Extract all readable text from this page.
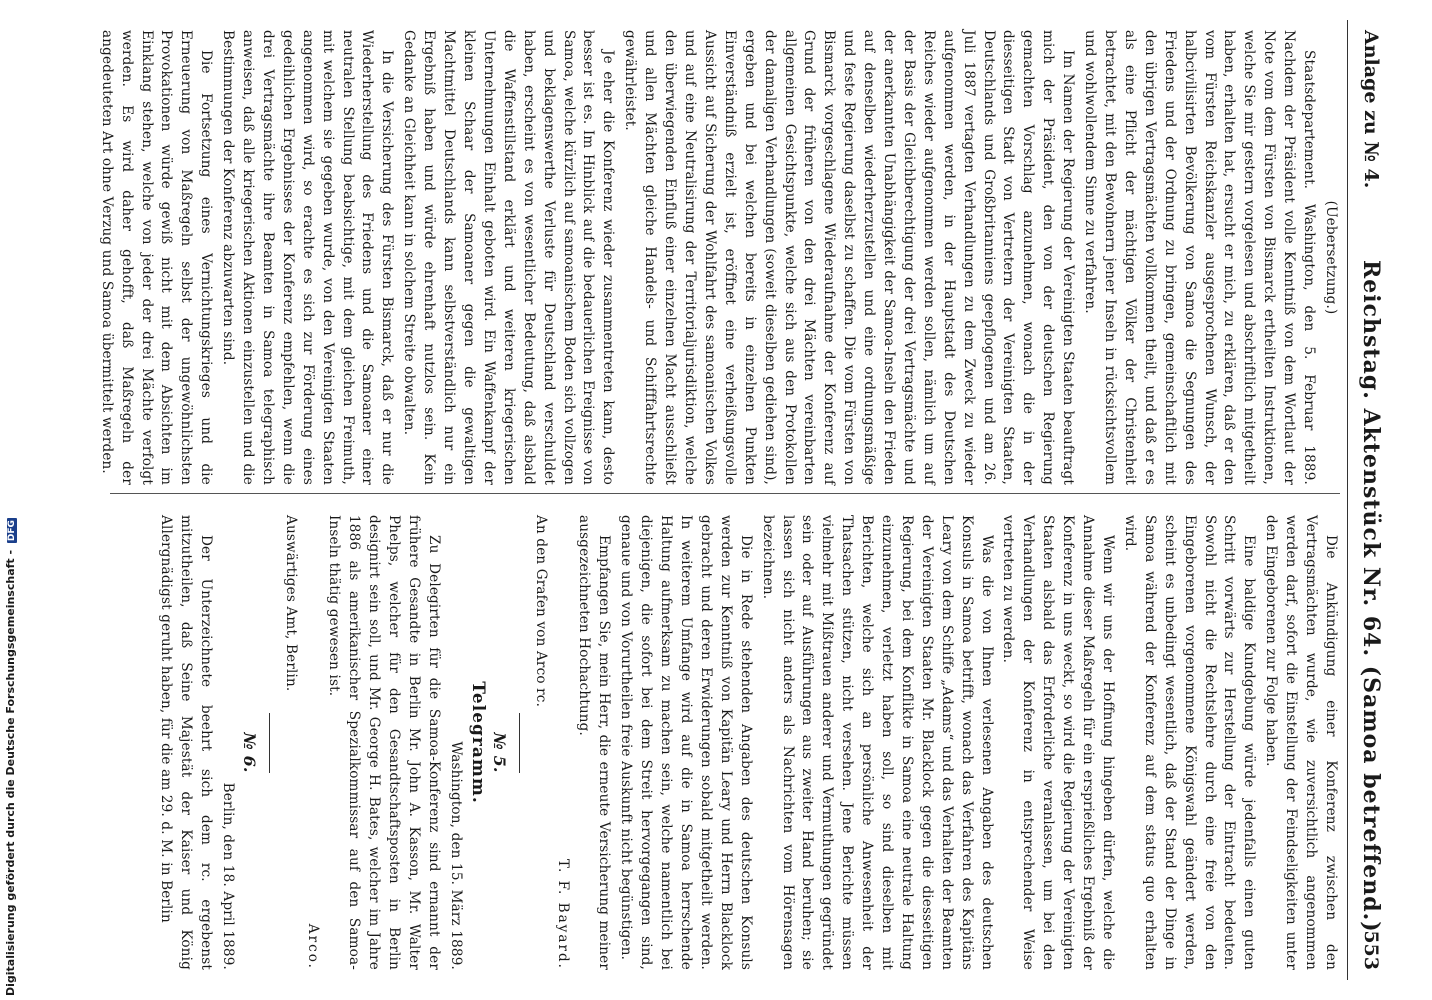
Anlage zu № 4.
Reichstag. Aktenstück Nr. 64. (Samoa betreffend.)
553

(Uebersetzung.)

Staatsdepartement. Washington, den 5. Februar 1889. Nachdem der Präsident volle Kenntniß von dem Wortlaut der Note vom dem Fürsten von Bismarck ertheilten Instruktionen, welche Sie mir gestern vorgelesen und abschriftlich mitgetheilt haben, erhalten hat, ersucht er mich, zu erklären, daß er den vom Fürsten Reichskanzler ausgesprochenen Wunsch, der halbcivilisirten Bevölkerung von Samoa die Segnungen des Friedens und der Ordnung zu bringen, gemeinschaftlich mit den übrigen Vertragsmächten vollkommen theilt, und daß er es als eine Pflicht der mächtigen Völker der Christenheit betrachtet, mit den Bewohnern jener Inseln in rücksichtsvollem und wohlwollendem Sinne zu verfahren.

Im Namen der Regierung der Vereinigten Staaten beauftragt mich der Präsident, den von der deutschen Regierung gemachten Vorschlag anzunehmen, wonach die in der diesseitigen Stadt von Vertretern der Vereinigten Staaten, Deutschlands und Großbritanniens geepflogenen und am 26. Juli 1887 vertagten Verhandlungen zu dem Zweck zu wieder aufgenommen werden, in der Hauptstadt des Deutschen Reiches wieder aufgenommen werden sollen, nämlich um auf der Basis der Gleichberechtigung der drei Vertragsmächte und der anerkannten Unabhängigkeit der Samoa-Inseln den Frieden auf denselben wiederherzustellen und eine ordnungsmäßige und feste Regierung daselbst zu schaffen. Die vom Fürsten von Bismarck vorgeschlagene Wiederaufnahme der Konferenz auf Grund der früheren von den drei Mächten vereinbarten allgemeinen Gesichtspunkte, welche sich aus den Protokollen der damaligen Verhandlungen (soweit dieselben gediehen sind), ergeben und bei welchen bereits in einzelnen Punkten Einverständniß erzielt ist, eröffnet eine verheißungsvolle Aussicht auf Sicherung der Wohlfahrt des samoanischen Volkes und auf eine Neutralisirung der Territorialjurisdiktion, welche den überwiegenden Einfluß einer einzelnen Macht ausschließt und allen Mächten gleiche Handels- und Schifffahrtsrechte gewährleistet.

Je eher die Konferenz wieder zusammentreten kann, desto besser ist es. Im Hinblick auf die bedauerlichen Ereignisse von Samoa, welche kürzlich auf samoanischem Boden sich vollzogen und beklagenswerthe Verluste für Deutschland verschuldet haben, erscheint es von wesentlicher Bedeutung, daß alsbald die Waffenstillstand erklärt und weiteren kriegerischen Unternehmungen Einhalt geboten wird. Ein Waffenkampf der kleinen Schaar der Samoaner gegen die gewaltigen Machtmittel Deutschlands kann selbstverständlich nur ein Ergebniß haben und würde ehrenhaft nutzlos sein. Kein Gedanke an Gleichheit kann in solchem Streite obwalten.

In die Versicherung des Fürsten Bismarck, daß er nur die Wiederherstellung des Friedens und die Samoaner einer neutralen Stellung beabsichtige, mit dem gleichen Freimuth, mit welchem sie gegeben wurde, von den Vereinigten Staaten angenommen wird, so erachte es sich zur Förderung eines gedeihlichen Ergebnisses der Konferenz empfehlen, wenn die drei Vertragsmächte ihre Beamten in Samoa telegraphisch anweisen, daß alle kriegerischen Aktionen einzustellen und die Bestimmungen der Konferenz abzuwarten sind.

Die Fortsetzung eines Vernichtungskrieges und die Erneuerung von Maßregeln selbst der ungewöhnlichsten Provokationen würde gewiß nicht mit dem Absichten im Einklang stehen, welche von jeder der drei Mächte verfolgt werden. Es wird daher gehofft, daß Maßregeln der angedeuteten Art ohne Verzug und Samoa übermittelt werden.

Die Ankündigung einer Konferenz zwischen den Vertragsmächten wurde, wie zuversichtlich angenommen werden darf, sofort die Einstellung der Feindseligkeiten unter den Eingeborenen zur Folge haben.

Eine baldige Kundgebung würde jedenfalls einen guten Schritt vorwärts zur Herstellung der Eintracht bedeuten. Sowohl nicht die Rechtslehre durch eine freie von den Eingeborenen vorgenommene Königswahl geändert werden, scheint es unbedingt wesentlich, daß der Stand der Dinge in Samoa während der Konferenz auf dem status quo erhalten wird.

Wenn wir uns der Hoffnung hingeben dürfen, welche die Annahme dieser Maßregeln für ein ersprießliches Ergebniß der Konferenz in uns weckt, so wird die Regierung der Vereinigten Staaten alsbald das Erforderliche veranlassen, um bei den Verhandlungen der Konferenz in entsprechender Weise vertreten zu werden.

Was die von Ihnen verlesenen Angaben des deutschen Konsuls in Samoa betrifft, wonach das Verfahren des Kapitäns Leary von dem Schiffe „Adams“ und das Verhalten der Beamten der Vereinigten Staaten Mr. Blacklock gegen die diesseitigen Regierung, bei dem Konflikte in Samoa eine neutrale Haltung einzunehmen, verletzt haben soll, so sind dieselben mit Berichten, welche sich an persönliche Anwesenheit der Thatsachen stützen, nicht versehen. Jene Berichte müssen vielmehr mit Mißtrauen anderer und Vermuthungen gegründet sein oder auf Ausführungen aus zweiter Hand beruhen; sie lassen sich nicht anders als Nachrichten vom Hörensagen bezeichnen.

Die in Rede stehenden Angaben des deutschen Konsuls werden zur Kenntniß von Kapitän Leary und Herrn Blacklock gebracht und deren Erwiderungen sobald mitgetheilt werden. In weiterem Umfange wird auf die in Samoa herrschende Haltung aufmerksam zu machen sein, welche namentlich bei diejenigen, die sofort bei dem Streit hervorgegangen sind, genaue und von Vorurtheilen freie Auskunft nicht begünstigen.

Empfangen Sie, mein Herr, die erneute Versicherung meiner ausgezeichneten Hochachtung.

T. F. Bayard.

An den Grafen von Arco rc.

№ 5.

Telegramm.

Washington, den 15. März 1889.

Zu Delegirten für die Samoa-Konferenz sind ernannt der frühere Gesandte in Berlin Mr. John A. Kasson, Mr. Walter Phelps, welcher für den Gesandtschaftsposten in Berlin designirt sein soll, und Mr. George H. Bates, welcher im Jahre 1886 als amerikanischer Spezialkommissar auf den Samoa-Inseln thätig gewesen ist.

Arco.

Auswärtiges Amt, Berlin.

№ 6.

Berlin, den 18. April 1889.

Der Unterzeichnete beehrt sich dem rc. ergebenst mitzutheilen, daß Seine Majestät der Kaiser und König Allergnädigst geruht haben, für die am 29. d. M. in Berlin

Digitalisierung gefördert durch die Deutsche Forschungsgemeinschaft - DFG
